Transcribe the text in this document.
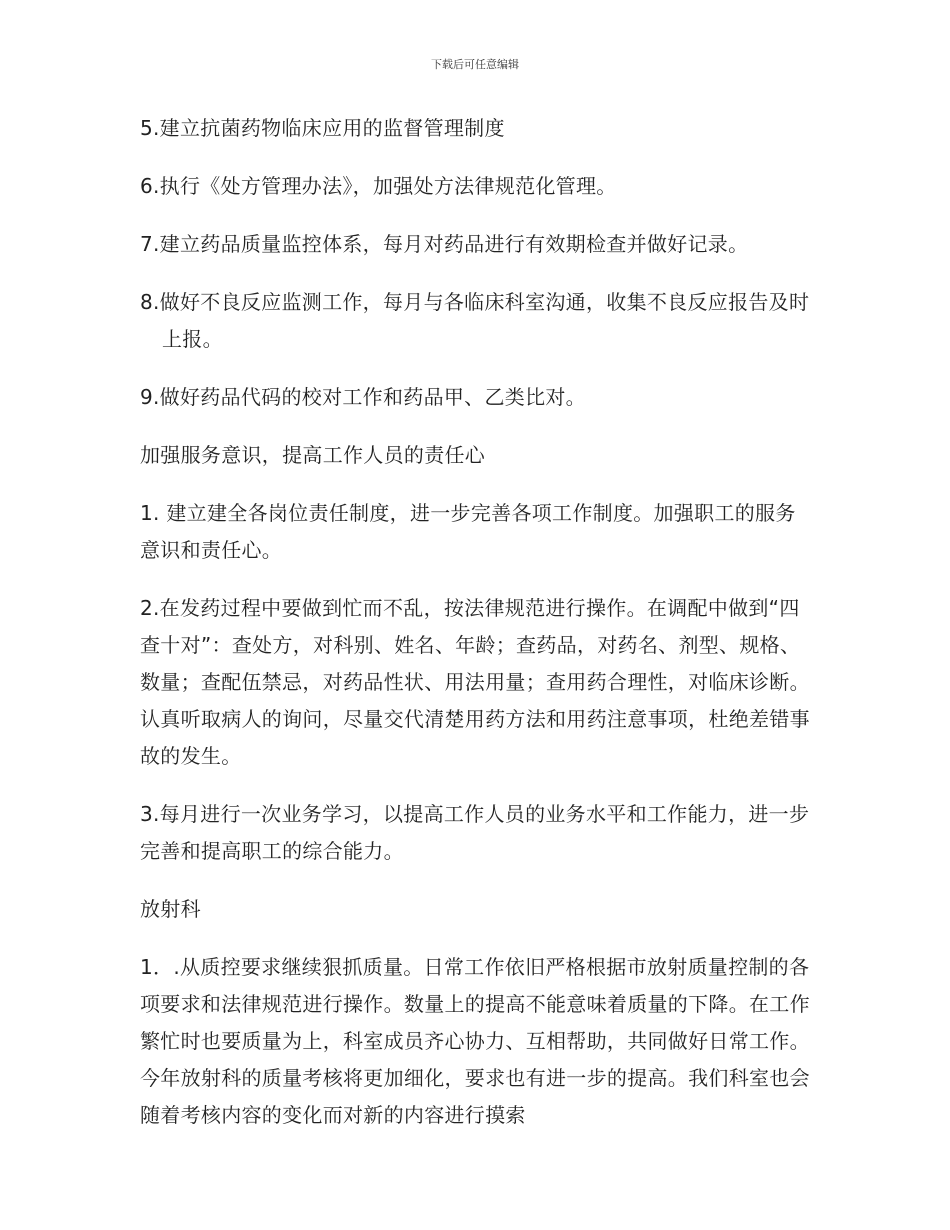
下载后可任意编辑

5.建立抗菌药物临床应用的监督管理制度

6.执行《处方管理办法》，加强处方法律规范化管理。

7.建立药品质量监控体系，每月对药品进行有效期检查并做好记录。

8.做好不良反应监测工作，每月与各临床科室沟通，收集不良反应报告及时上报。

9.做好药品代码的校对工作和药品甲、乙类比对。

加强服务意识，提高工作人员的责任心

1. 建立建全各岗位责任制度，进一步完善各项工作制度。加强职工的服务意识和责任心。

2.在发药过程中要做到忙而不乱，按法律规范进行操作。在调配中做到“四查十对”：查处方，对科别、姓名、年龄；查药品，对药名、剂型、规格、数量；查配伍禁忌，对药品性状、用法用量；查用药合理性，对临床诊断。认真听取病人的询问，尽量交代清楚用药方法和用药注意事项，杜绝差错事故的发生。

3.每月进行一次业务学习，以提高工作人员的业务水平和工作能力，进一步完善和提高职工的综合能力。

放射科

1．.从质控要求继续狠抓质量。日常工作依旧严格根据市放射质量控制的各项要求和法律规范进行操作。数量上的提高不能意味着质量的下降。在工作繁忙时也要质量为上，科室成员齐心协力、互相帮助，共同做好日常工作。今年放射科的质量考核将更加细化，要求也有进一步的提高。我们科室也会随着考核内容的变化而对新的内容进行摸索
